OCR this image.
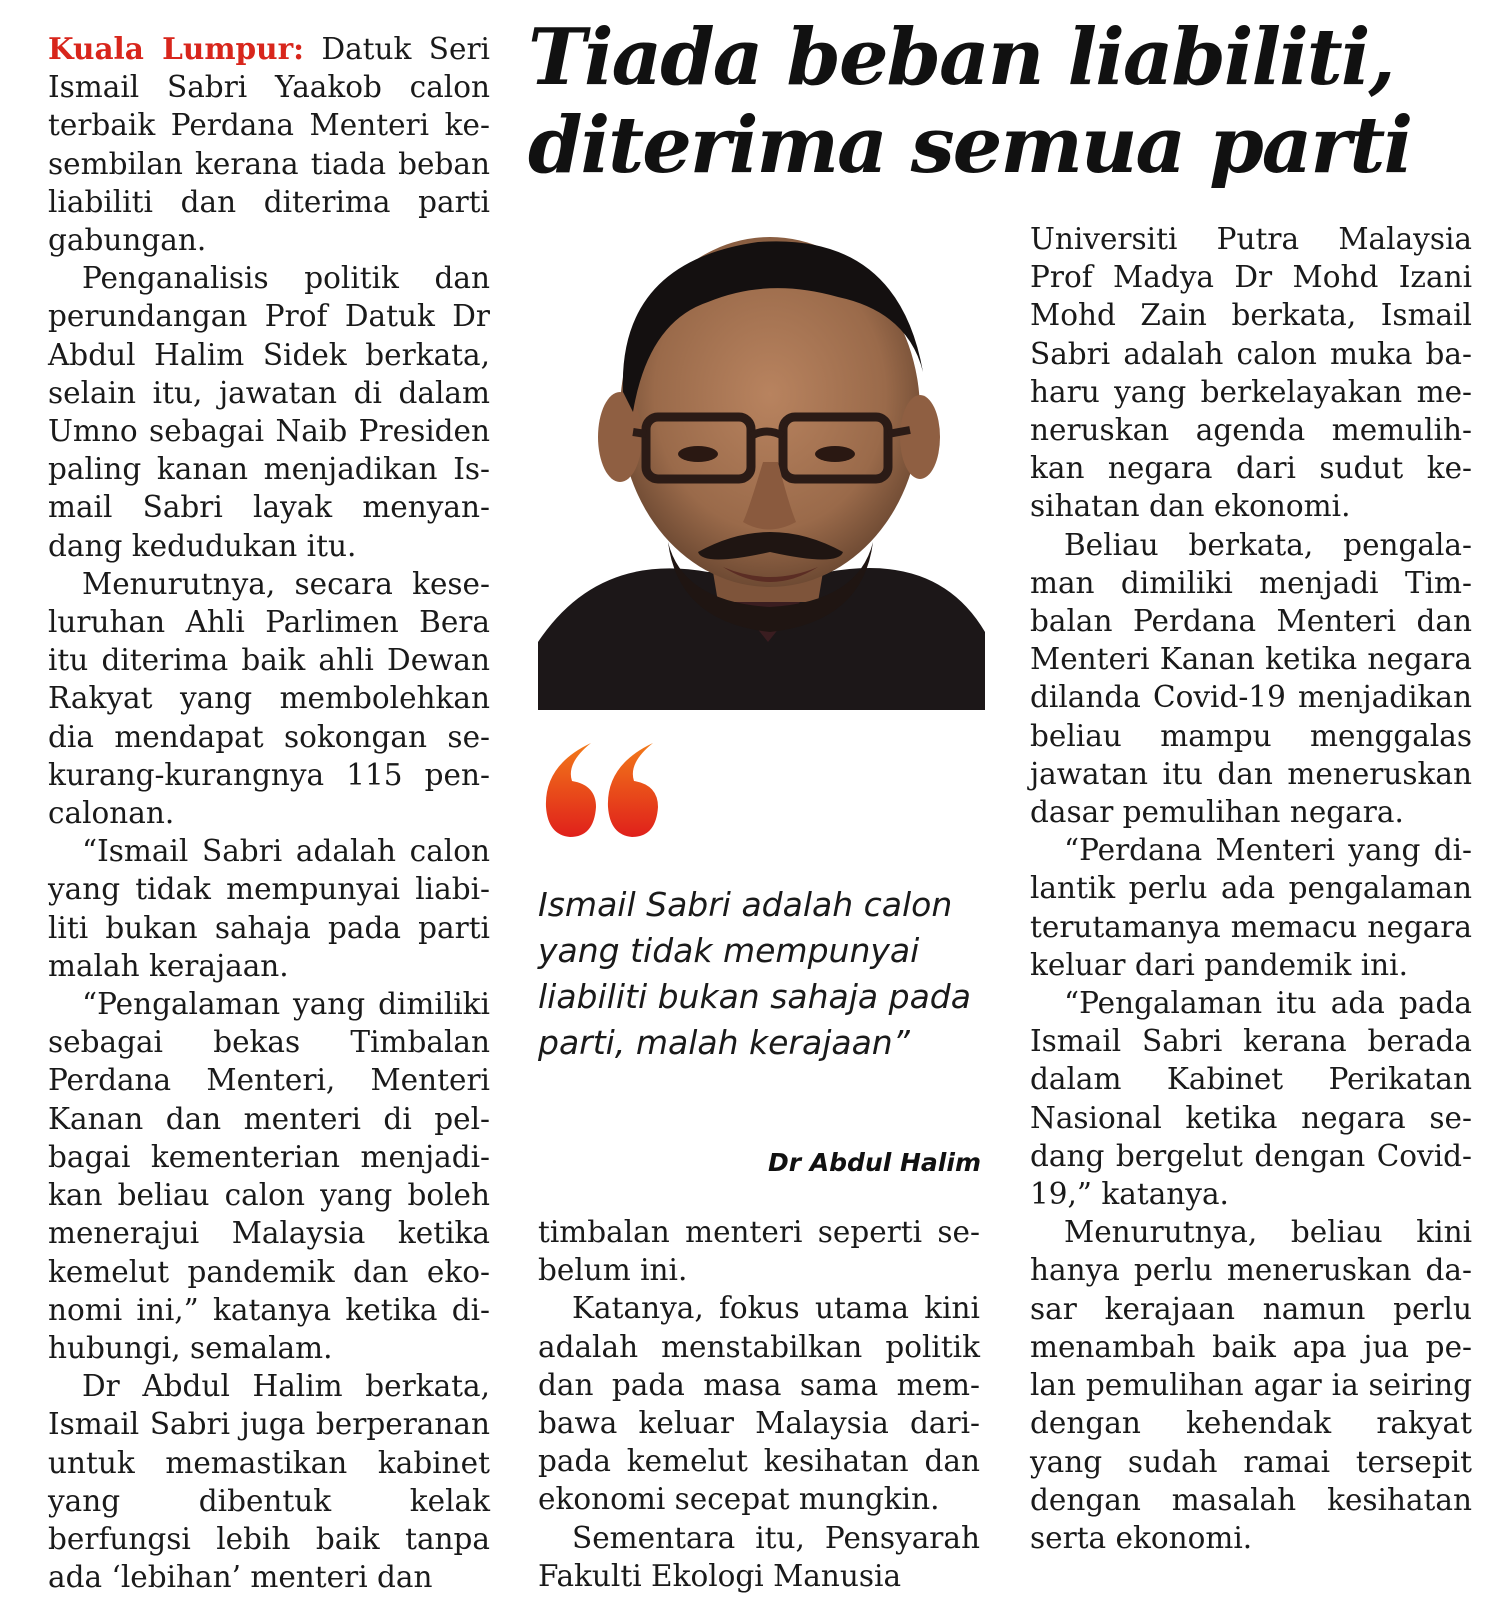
Tiada beban liabiliti,
diterima semua parti

Kuala Lumpur: Datuk Seri Ismail Sabri Yaakob calon terbaik Perdana Menteri kesembilan kerana tiada beban liabiliti dan diterima parti gabungan.

Penganalisis politik dan perundangan Prof Datuk Dr Abdul Halim Sidek berkata, selain itu, jawatan di dalam Umno sebagai Naib Presiden paling kanan menjadikan Ismail Sabri layak menyandang kedudukan itu.

Menurutnya, secara keseluruhan Ahli Parlimen Bera itu diterima baik ahli Dewan Rakyat yang membolehkan dia mendapat sokongan sekurang-kurangnya 115 pencalonan.

“Ismail Sabri adalah calon yang tidak mempunyai liabiliti bukan sahaja pada parti malah kerajaan.

“Pengalaman yang dimiliki sebagai bekas Timbalan Perdana Menteri, Menteri Kanan dan menteri di pelbagai kementerian menjadikan beliau calon yang boleh menerajui Malaysia ketika kemelut pandemik dan ekonomi ini,” katanya ketika dihubungi, semalam.

Dr Abdul Halim berkata, Ismail Sabri juga berperanan untuk memastikan kabinet yang dibentuk kelak berfungsi lebih baik tanpa ada ‘lebihan’ menteri dan

Ismail Sabri adalah calon yang tidak mempunyai liabiliti bukan sahaja pada parti, malah kerajaan”

Dr Abdul Halim

timbalan menteri seperti sebelum ini.

Katanya, fokus utama kini adalah menstabilkan politik dan pada masa sama membawa keluar Malaysia daripada kemelut kesihatan dan ekonomi secepat mungkin.

Sementara itu, Pensyarah Fakulti Ekologi Manusia

Universiti Putra Malaysia Prof Madya Dr Mohd Izani Mohd Zain berkata, Ismail Sabri adalah calon muka baharu yang berkelayakan meneruskan agenda memulihkan negara dari sudut kesihatan dan ekonomi.

Beliau berkata, pengalaman dimiliki menjadi Timbalan Perdana Menteri dan Menteri Kanan ketika negara dilanda Covid-19 menjadikan beliau mampu menggalas jawatan itu dan meneruskan dasar pemulihan negara.

“Perdana Menteri yang dilantik perlu ada pengalaman terutamanya memacu negara keluar dari pandemik ini.

“Pengalaman itu ada pada Ismail Sabri kerana berada dalam Kabinet Perikatan Nasional ketika negara sedang bergelut dengan Covid-19,” katanya.

Menurutnya, beliau kini hanya perlu meneruskan dasar kerajaan namun perlu menambah baik apa jua pelan pemulihan agar ia seiring dengan kehendak rakyat yang sudah ramai tersepit dengan masalah kesihatan serta ekonomi.
